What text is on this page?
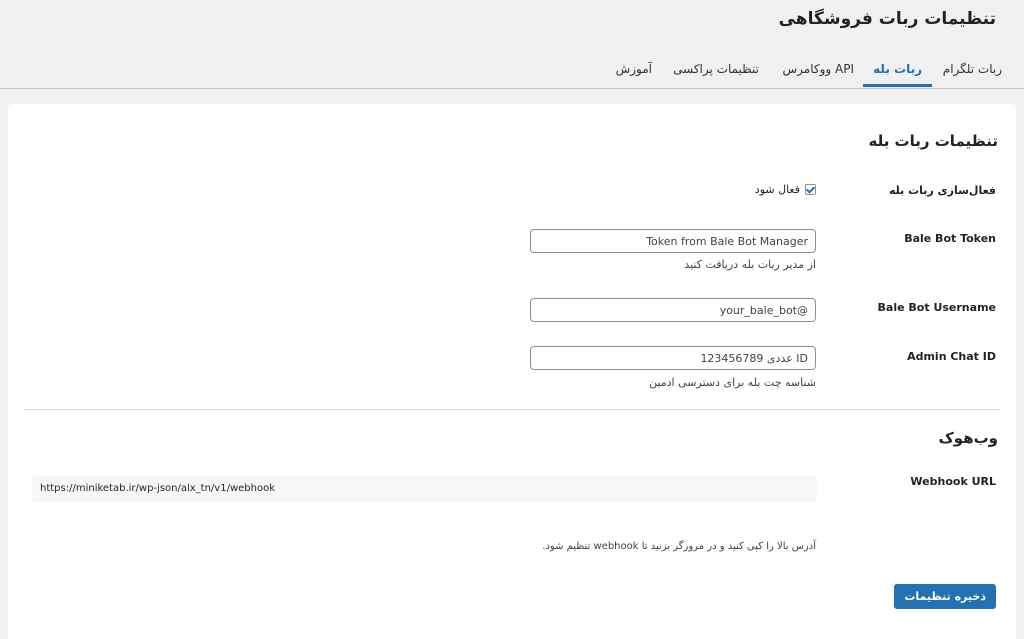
تنظیمات ربات فروشگاهی
ربات تلگرام
ربات بله
API ووکامرس
تنظیمات پراکسی
آموزش
تنظیمات ربات بله
فعال‌سازی ربات بله
فعال شود
Bale Bot Token
Token from Bale Bot Manager
از مدیر ربات بله دریافت کنید
Bale Bot Username
@your_bale_bot
Admin Chat ID
ID عددی 123456789
شناسه چت بله برای دسترسی ادمین
وب‌هوک
Webhook URL
https://miniketab.ir/wp-json/alx_tn/v1/webhook
آدرس بالا را کپی کنید و در مرورگر بزنید تا webhook تنظیم شود.
ذخیره تنظیمات
